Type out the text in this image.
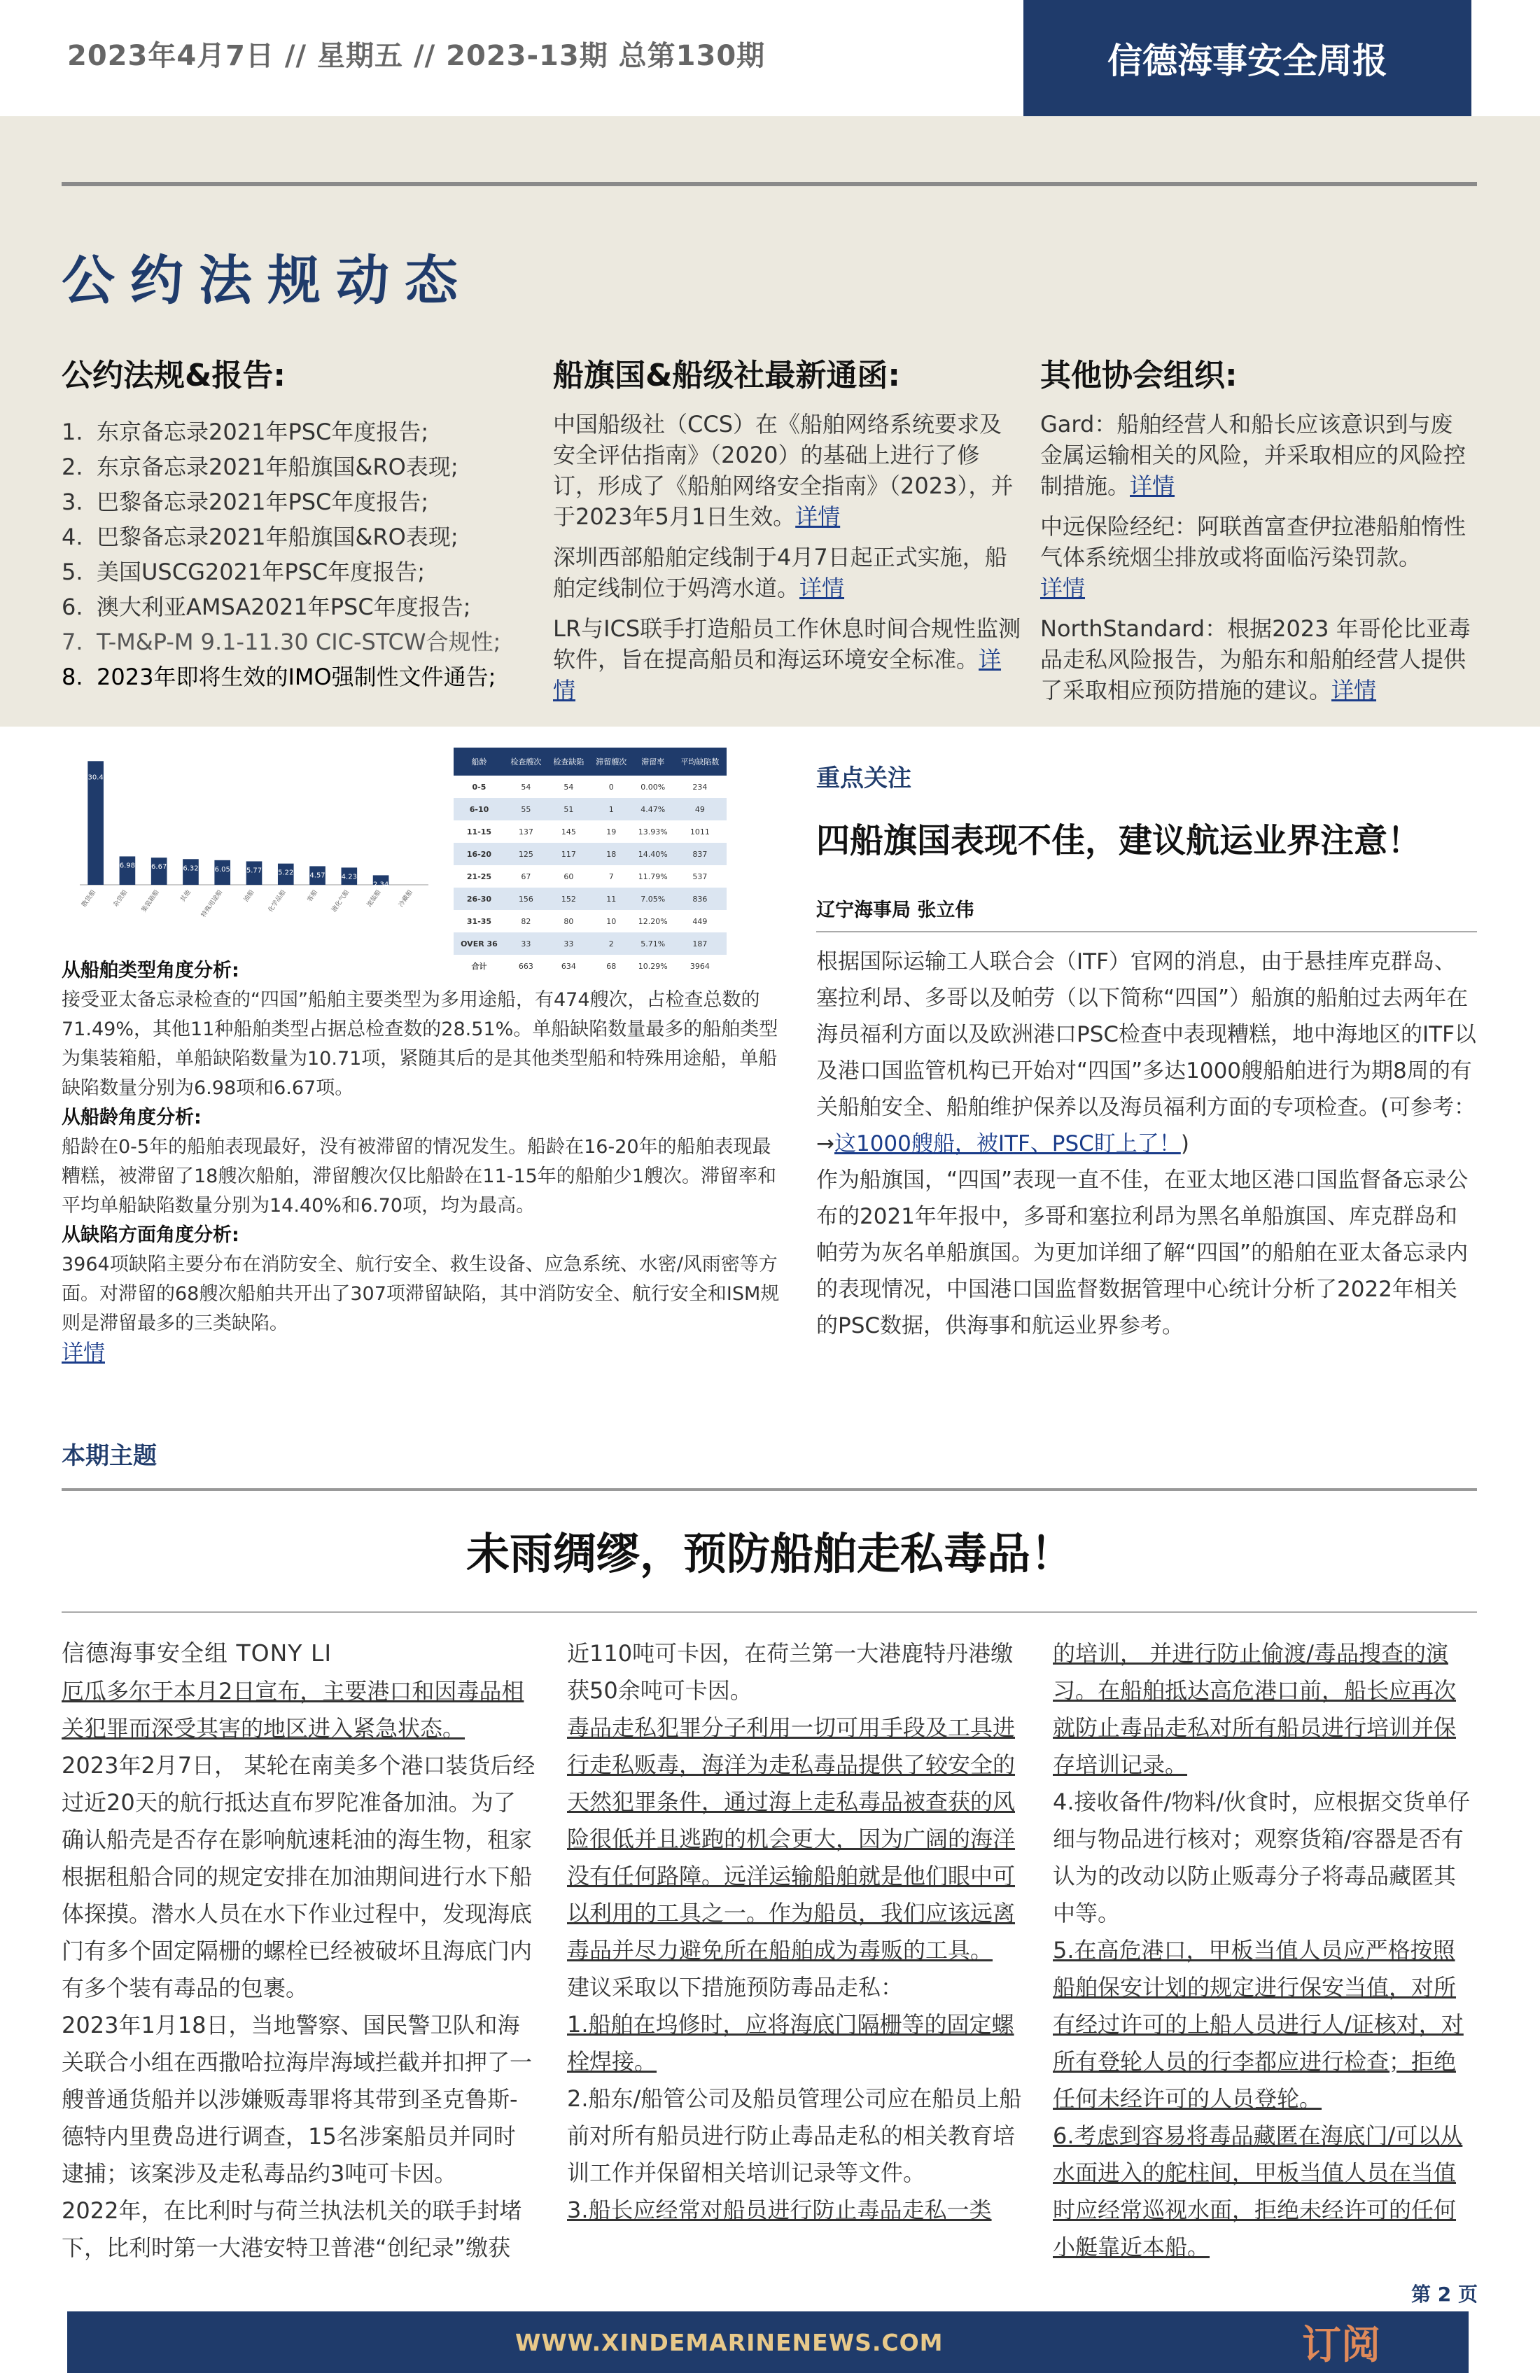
2023年4月7日 // 星期五 // 2023-13期 总第130期	信德海事安全周报
公约法规动态
公约法规&报告:	船旗国&船级社最新通函:	其他协会组织:
1. 东京备忘录2021年PSC年度报告;
2. 东京备忘录2021年船旗国&RO表现;
3. 巴黎备忘录2021年PSC年度报告;
4. 巴黎备忘录2021年船旗国&RO表现;
5. 美国USCG2021年PSC年度报告;
6. 澳大利亚AMSA2021年PSC年度报告;
7. T-M&P-M 9.1-11.30 CIC-STCW合规性;
8. 2023年即将生效的IMO强制性文件通告;

中国船级社（CCS）在《船舶网络系统要求及安全评估指南》（2020）的基础上进行了修订，形成了《船舶网络安全指南》（2023），并于2023年5月1日生效。详情

深圳西部船舶定线制于4月7日起正式实施，船舶定线制位于妈湾水道。详情

LR与ICS联手打造船员工作休息时间合规性监测软件，旨在提高船员和海运环境安全标准。详情

Gard：船舶经营人和船长应该意识到与废金属运输相关的风险，并采取相应的风险控制措施。详情

中远保险经纪：阿联酋富查伊拉港船舶惰性气体系统烟尘排放或将面临污染罚款。
详情

NorthStandard：根据2023 年哥伦比亚毒品走私风险报告，为船东和船舶经营人提供了采取相应预防措施的建议。详情

30.4
散货船
6.98
杂货船
6.67
集装箱船
6.32
其他
6.05
特殊用途船
5.77
油船
5.22
化学品船
4.57
客船
4.23
液化气船
2.34
滚装船 冷藏船
船龄	检查艘次	检查缺陷	滞留艘次	滞留率	平均缺陷数
0-5	54	54	0	0.00%	234
6-10	55	51	1	4.47%	49
11-15	137	145	19	13.93%	1011
16-20	125	117	18	14.40%	837
21-25	67	60	7	11.79%	537
26-30	156	152	11	7.05%	836
31-35	82	80	10	12.20%	449
OVER 36	33	33	2	5.71%	187
合计	663	634	68	10.29%	3964
从船舶类型角度分析:
接受亚太备忘录检查的“四国”船舶主要类型为多用途船，有474艘次，占检查总数的71.49%，其他11种船舶类型占据总检查数的28.51%。单船缺陷数量最多的船舶类型为集装箱船，单船缺陷数量为10.71项，紧随其后的是其他类型船和特殊用途船，单船缺陷数量分别为6.98项和6.67项。
从船龄角度分析:
船龄在0-5年的船舶表现最好，没有被滞留的情况发生。船龄在16-20年的船舶表现最糟糕，被滞留了18艘次船舶，滞留艘次仅比船龄在11-15年的船舶少1艘次。滞留率和平均单船缺陷数量分别为14.40%和6.70项，均为最高。
从缺陷方面角度分析:
3964项缺陷主要分布在消防安全、航行安全、救生设备、应急系统、水密/风雨密等方面。对滞留的68艘次船舶共开出了307项滞留缺陷，其中消防安全、航行安全和ISM规则是滞留最多的三类缺陷。
详情
重点关注
四船旗国表现不佳，建议航运业界注意！
辽宁海事局 张立伟

根据国际运输工人联合会（ITF）官网的消息，由于悬挂库克群岛、塞拉利昂、多哥以及帕劳（以下简称“四国”）船旗的船舶过去两年在海员福利方面以及欧洲港口PSC检查中表现糟糕，地中海地区的ITF以及港口国监管机构已开始对“四国”多达1000艘船舶进行为期8周的有关船舶安全、船舶维护保养以及海员福利方面的专项检查。(可参考：→这1000艘船，被ITF、PSC盯上了！)

作为船旗国，“四国”表现一直不佳，在亚太地区港口国监督备忘录公布的2021年年报中，多哥和塞拉利昂为黑名单船旗国、库克群岛和帕劳为灰名单船旗国。为更加详细了解“四国”的船舶在亚太备忘录内的表现情况，中国港口国监督数据管理中心统计分析了2022年相关的PSC数据，供海事和航运业界参考。

本期主题
未雨绸缪，预防船舶走私毒品！
信德海事安全组 TONY LI
厄瓜多尔于本月2日宣布，主要港口和因毒品相关犯罪而深受其害的地区进入紧急状态。
2023年2月7日， 某轮在南美多个港口装货后经过近20天的航行抵达直布罗陀准备加油。为了确认船壳是否存在影响航速耗油的海生物，租家根据租船合同的规定安排在加油期间进行水下船体探摸。潜水人员在水下作业过程中，发现海底门有多个固定隔栅的螺栓已经被破坏且海底门内有多个装有毒品的包裹。
2023年1月18日，当地警察、国民警卫队和海关联合小组在西撒哈拉海岸海域拦截并扣押了一艘普通货船并以涉嫌贩毒罪将其带到圣克鲁斯-德特内里费岛进行调查，15名涉案船员并同时逮捕；该案涉及走私毒品约3吨可卡因。
2022年，在比利时与荷兰执法机关的联手封堵下，比利时第一大港安特卫普港“创纪录”缴获
近110吨可卡因，在荷兰第一大港鹿特丹港缴获50余吨可卡因。
毒品走私犯罪分子利用一切可用手段及工具进行走私贩毒，海洋为走私毒品提供了较安全的天然犯罪条件，通过海上走私毒品被查获的风险很低并且逃跑的机会更大，因为广阔的海洋没有任何路障。远洋运输船舶就是他们眼中可以利用的工具之一。作为船员，我们应该远离毒品并尽力避免所在船舶成为毒贩的工具。
建议采取以下措施预防毒品走私：
1.船舶在坞修时，应将海底门隔栅等的固定螺栓焊接。
2.船东/船管公司及船员管理公司应在船员上船前对所有船员进行防止毒品走私的相关教育培训工作并保留相关培训记录等文件。
3.船长应经常对船员进行防止毒品走私一类
的培训， 并进行防止偷渡/毒品搜查的演习。在船舶抵达高危港口前，船长应再次就防止毒品走私对所有船员进行培训并保存培训记录。
4.接收备件/物料/伙食时，应根据交货单仔细与物品进行核对；观察货箱/容器是否有认为的改动以防止贩毒分子将毒品藏匿其中等。
5.在高危港口，甲板当值人员应严格按照船舶保安计划的规定进行保安当值，对所有经过许可的上船人员进行人/证核对，对所有登轮人员的行李都应进行检查；拒绝任何未经许可的人员登轮。
6.考虑到容易将毒品藏匿在海底门/可以从水面进入的舵柱间，甲板当值人员在当值时应经常巡视水面，拒绝未经许可的任何小艇靠近本船。
第 2 页
WWW.XINDEMARINENEWS.COM	订阅
